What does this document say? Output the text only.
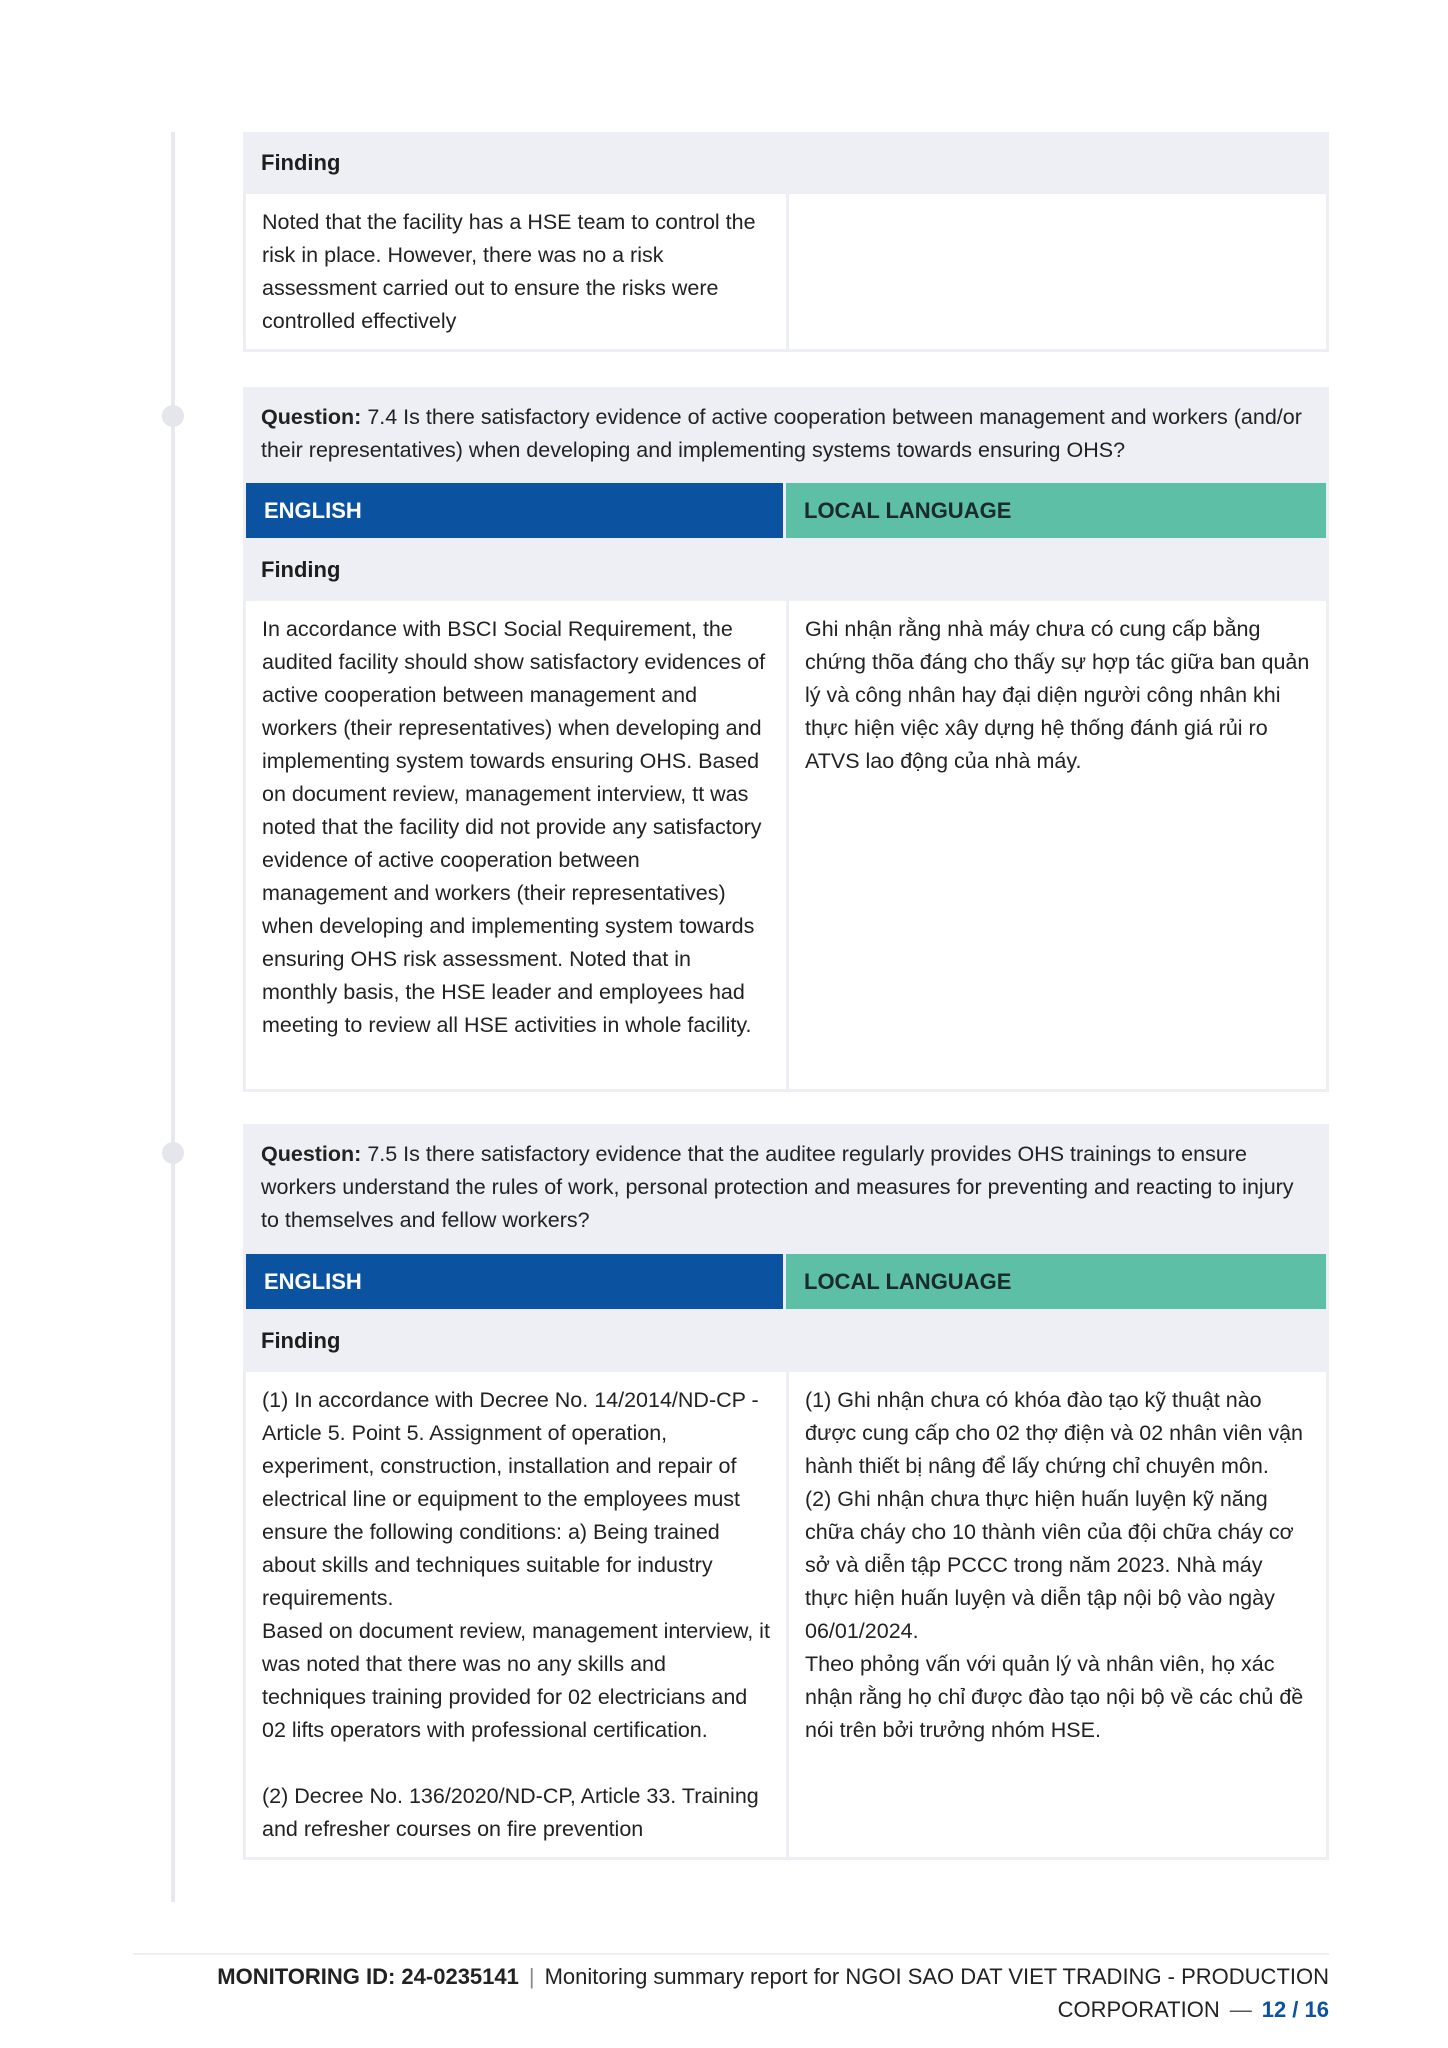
Finding
Noted that the facility has a HSE team to control the risk in place. However, there was no a risk assessment carried out to ensure the risks were controlled effectively
Question: 7.4 Is there satisfactory evidence of active cooperation between management and workers (and/or their representatives) when developing and implementing systems towards ensuring OHS?
ENGLISH	LOCAL LANGUAGE
Finding
In accordance with BSCI Social Requirement, the audited facility should show satisfactory evidences of active cooperation between management and workers (their representatives) when developing and implementing system towards ensuring OHS. Based on document review, management interview, tt was noted that the facility did not provide any satisfactory evidence of active cooperation between management and workers (their representatives) when developing and implementing system towards ensuring OHS risk assessment. Noted that in monthly basis, the HSE leader and employees had meeting to review all HSE activities in whole facility.
Ghi nhận rằng nhà máy chưa có cung cấp bằng chứng thõa đáng cho thấy sự hợp tác giữa ban quản lý và công nhân hay đại diện người công nhân khi thực hiện việc xây dựng hệ thống đánh giá rủi ro ATVS lao động của nhà máy.
Question: 7.5 Is there satisfactory evidence that the auditee regularly provides OHS trainings to ensure workers understand the rules of work, personal protection and measures for preventing and reacting to injury to themselves and fellow workers?
ENGLISH	LOCAL LANGUAGE
Finding
(1) In accordance with Decree No. 14/2014/ND-CP - Article 5. Point 5. Assignment of operation, experiment, construction, installation and repair of electrical line or equipment to the employees must ensure the following conditions: a) Being trained about skills and techniques suitable for industry requirements.
Based on document review, management interview, it was noted that there was no any skills and techniques training provided for 02 electricians and 02 lifts operators with professional certification.

(2) Decree No. 136/2020/ND-CP, Article 33. Training and refresher courses on fire prevention
(1) Ghi nhận chưa có khóa đào tạo kỹ thuật nào được cung cấp cho 02 thợ điện và 02 nhân viên vận hành thiết bị nâng để lấy chứng chỉ chuyên môn.
(2) Ghi nhận chưa thực hiện huấn luyện kỹ năng chữa cháy cho 10 thành viên của đội chữa cháy cơ sở và diễn tập PCCC trong năm 2023. Nhà máy thực hiện huấn luyện và diễn tập nội bộ vào ngày 06/01/2024.
Theo phỏng vấn với quản lý và nhân viên, họ xác nhận rằng họ chỉ được đào tạo nội bộ về các chủ đề nói trên bởi trưởng nhóm HSE.
MONITORING ID: 24-0235141 | Monitoring summary report for NGOI SAO DAT VIET TRADING - PRODUCTION CORPORATION — 12 / 16
